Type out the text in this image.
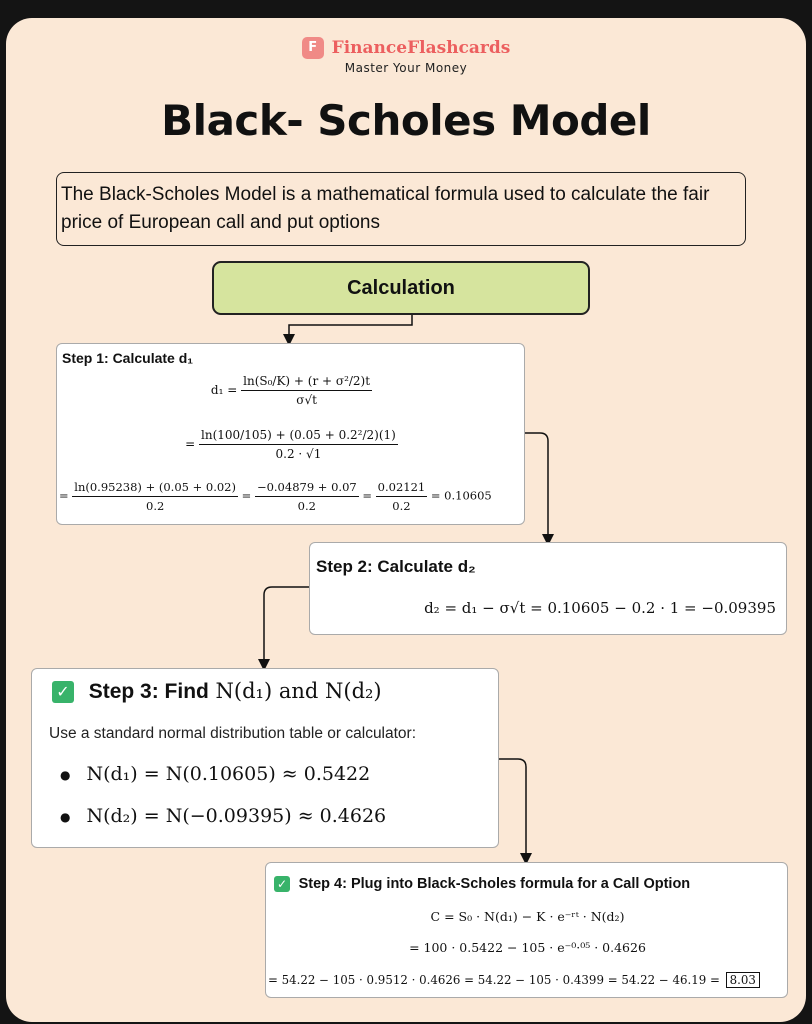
F FinanceFlashcards
Master Your Money
Black- Scholes Model
The Black-Scholes Model is a mathematical formula used to calculate the fair price of European call and put options
Calculation
Step 1: Calculate d₁
$d_1 = \frac{\text{ln(S₀/K) + (r + σ²/2)t}}{\sigma√t}$
= $\frac{\text{ln(100/105) + (0.05 + 0.2²/2)(1)}}{0.2 \cdot √1}$
= $\frac{\ln(0.95238) + (0.05 + 0.02)}{0.2} = \frac{-0.04879 + 0.07}{0.2} = \frac{0.02121}{0.2} = 0.10605$
Step 2: Calculate d₂
d₂ = d₁ − σ√t = 0.10605 − 0.2 · 1 = −0.09395
✓ Step 3: Find N(d₁) and N(d₂)
Use a standard normal distribution table or calculator:
● N(d₁) = N(0.10605) ≈ 0.5422
● N(d₂) = N(−0.09395) ≈ 0.4626
✓ Step 4: Plug into Black-Scholes formula for a Call Option
C = S₀ · N(d₁) − K · e⁻ʳᵗ · N(d₂)
= 100 · 0.5422 − 105 · e⁻⁰·⁰⁵ · 0.4626
= 54.22 − 105 · 0.9512 · 0.4626 = 54.22 − 105 · 0.4399 = 54.22 − 46.19 = 8.03
